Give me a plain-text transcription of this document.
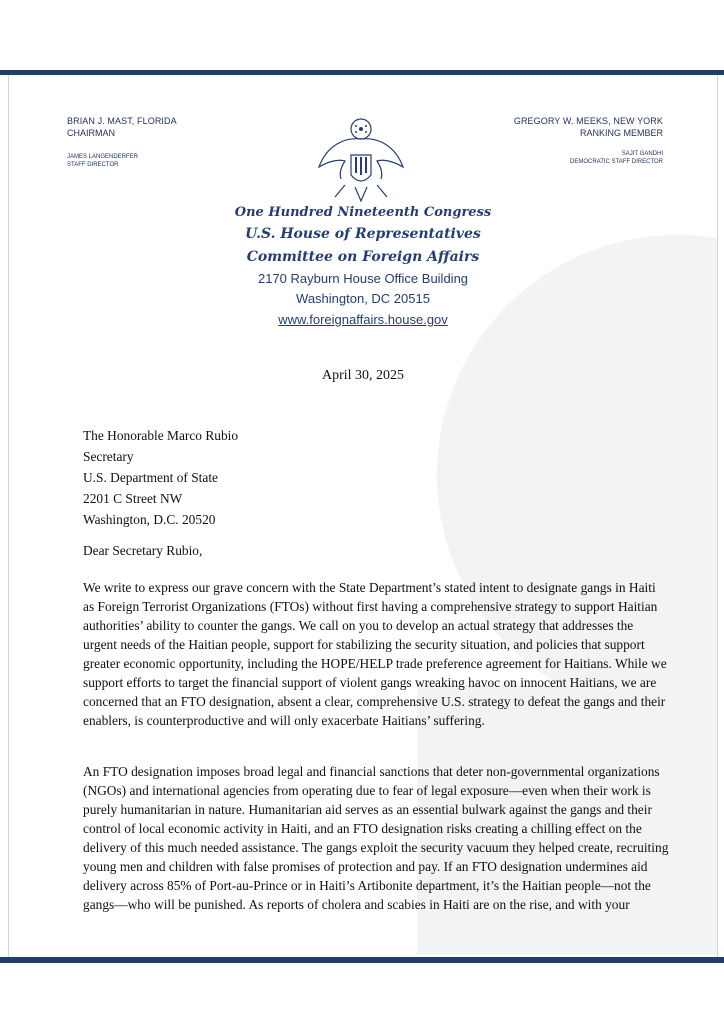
BRIAN J. MAST, FLORIDA
CHAIRMAN
JAMES LANGENDERFER
STAFF DIRECTOR
GREGORY W. MEEKS, NEW YORK
RANKING MEMBER
SAJIT GANDHI
DEMOCRATIC STAFF DIRECTOR
One Hundred Nineteenth Congress
U.S. House of Representatives
Committee on Foreign Affairs
2170 Rayburn House Office Building
Washington, DC 20515
www.foreignaffairs.house.gov
April 30, 2025
The Honorable Marco Rubio
Secretary
U.S. Department of State
2201 C Street NW
Washington, D.C. 20520
Dear Secretary Rubio,

We write to express our grave concern with the State Department’s stated intent to designate gangs in Haiti as Foreign Terrorist Organizations (FTOs) without first having a comprehensive strategy to support Haitian authorities’ ability to counter the gangs. We call on you to develop an actual strategy that addresses the urgent needs of the Haitian people, support for stabilizing the security situation, and policies that support greater economic opportunity, including the HOPE/HELP trade preference agreement for Haitians. While we support efforts to target the financial support of violent gangs wreaking havoc on innocent Haitians, we are concerned that an FTO designation, absent a clear, comprehensive U.S. strategy to defeat the gangs and their enablers, is counterproductive and will only exacerbate Haitians’ suffering.

An FTO designation imposes broad legal and financial sanctions that deter non-governmental organizations (NGOs) and international agencies from operating due to fear of legal exposure—even when their work is purely humanitarian in nature. Humanitarian aid serves as an essential bulwark against the gangs and their control of local economic activity in Haiti, and an FTO designation risks creating a chilling effect on the delivery of this much needed assistance. The gangs exploit the security vacuum they helped create, recruiting young men and children with false promises of protection and pay. If an FTO designation undermines aid delivery across 85% of Port-au-Prince or in Haiti’s Artibonite department, it’s the Haitian people—not the gangs—who will be punished. As reports of cholera and scabies in Haiti are on the rise, and with your
